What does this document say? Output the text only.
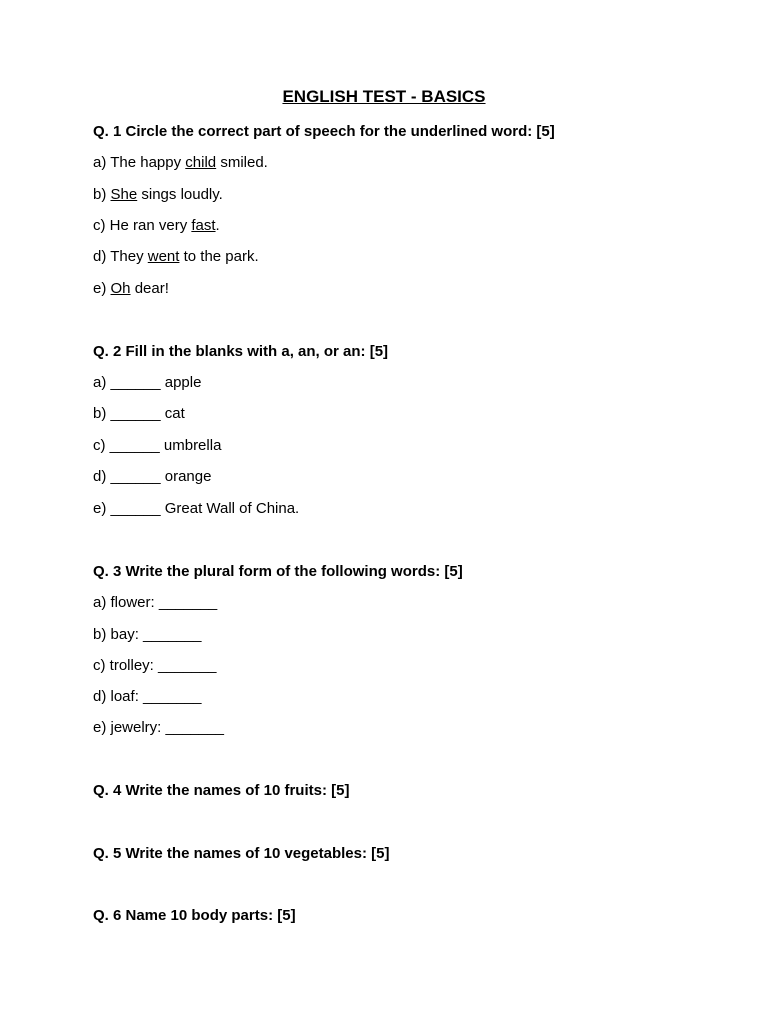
ENGLISH TEST - BASICS
Q. 1 Circle the correct part of speech for the underlined word: [5]
a) The happy child smiled.
b) She sings loudly.
c) He ran very fast.
d) They went to the park.
e) Oh dear!
Q. 2 Fill in the blanks with a, an, or an: [5]
a) ______ apple
b) ______ cat
c) ______ umbrella
d) ______ orange
e) ______ Great Wall of China.
Q. 3 Write the plural form of the following words: [5]
a) flower: _______
b) bay: _______
c) trolley: _______
d) loaf: _______
e) jewelry: _______
Q. 4 Write the names of 10 fruits: [5]
Q. 5 Write the names of 10 vegetables: [5]
Q. 6 Name 10 body parts: [5]
